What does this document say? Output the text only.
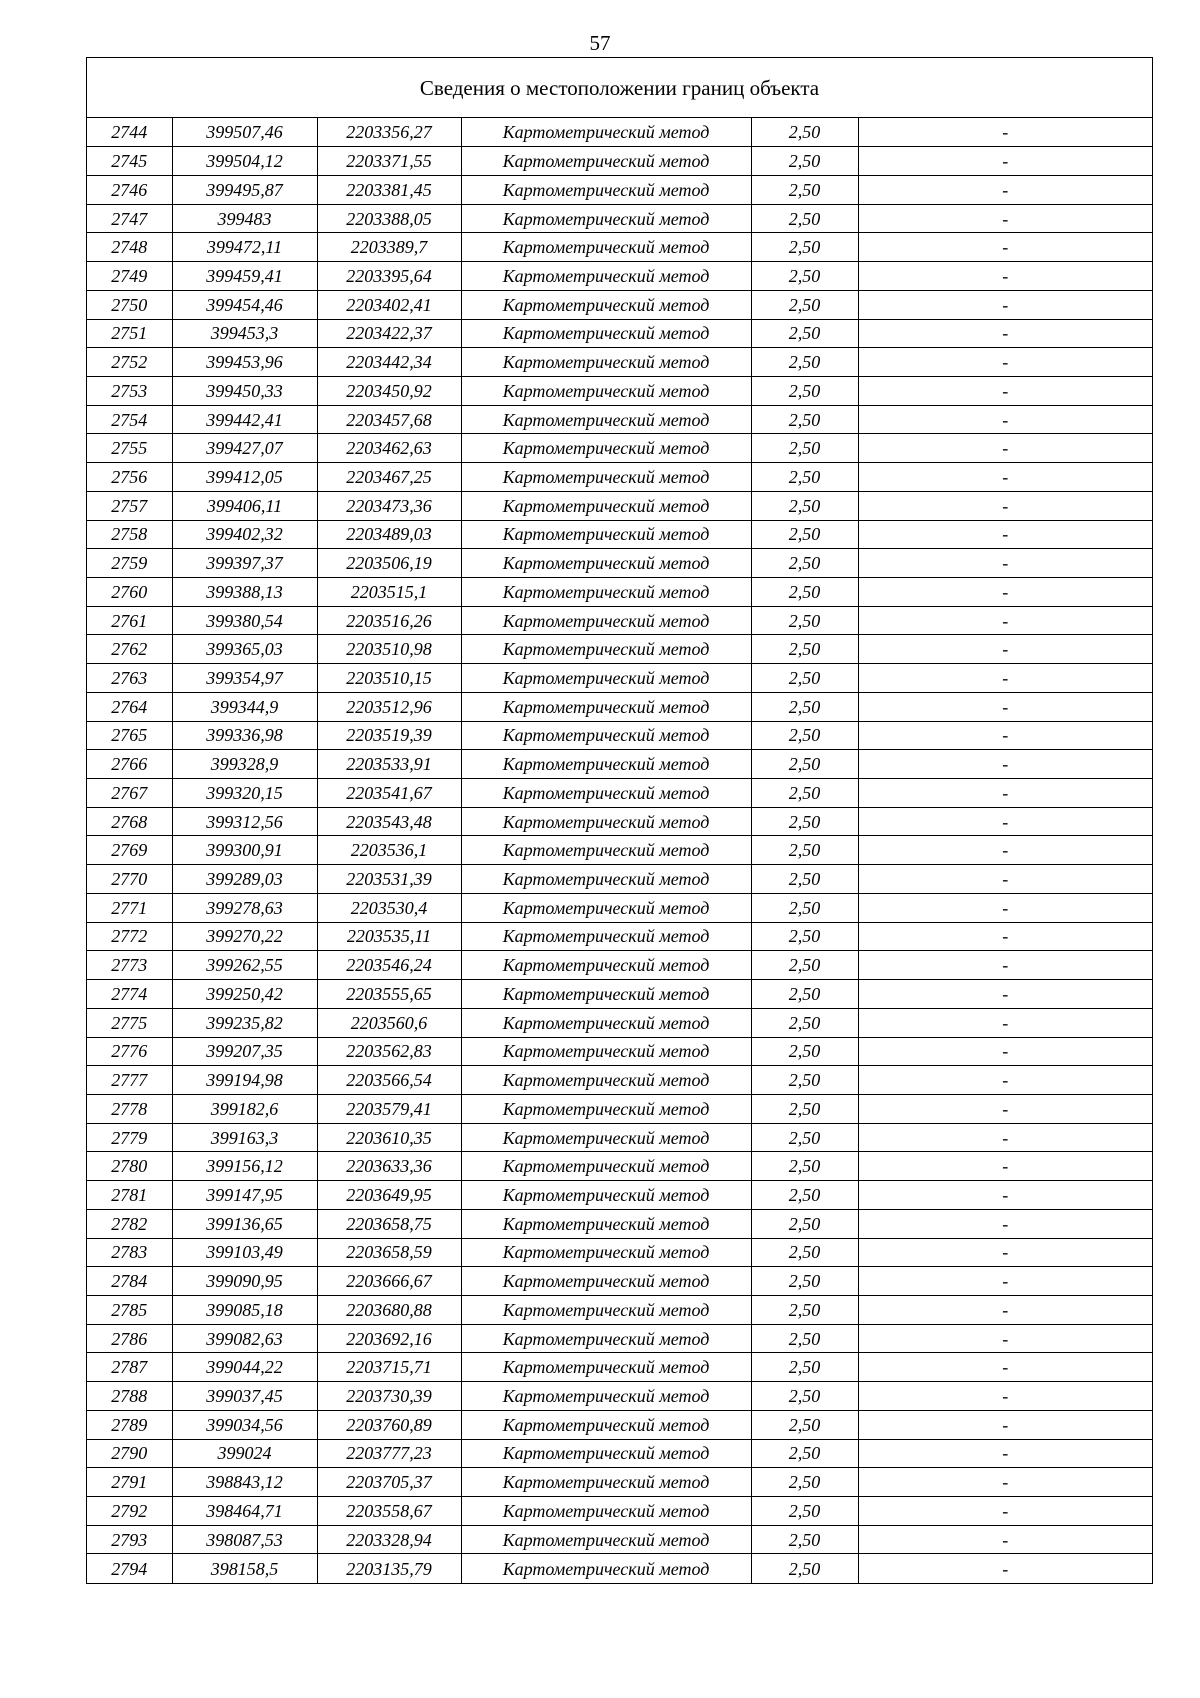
57
Сведения о местоположении границ объекта
2744	399507,46	2203356,27	Картометрический метод	2,50	-
2745	399504,12	2203371,55	Картометрический метод	2,50	-
2746	399495,87	2203381,45	Картометрический метод	2,50	-
2747	399483	2203388,05	Картометрический метод	2,50	-
2748	399472,11	2203389,7	Картометрический метод	2,50	-
2749	399459,41	2203395,64	Картометрический метод	2,50	-
2750	399454,46	2203402,41	Картометрический метод	2,50	-
2751	399453,3	2203422,37	Картометрический метод	2,50	-
2752	399453,96	2203442,34	Картометрический метод	2,50	-
2753	399450,33	2203450,92	Картометрический метод	2,50	-
2754	399442,41	2203457,68	Картометрический метод	2,50	-
2755	399427,07	2203462,63	Картометрический метод	2,50	-
2756	399412,05	2203467,25	Картометрический метод	2,50	-
2757	399406,11	2203473,36	Картометрический метод	2,50	-
2758	399402,32	2203489,03	Картометрический метод	2,50	-
2759	399397,37	2203506,19	Картометрический метод	2,50	-
2760	399388,13	2203515,1	Картометрический метод	2,50	-
2761	399380,54	2203516,26	Картометрический метод	2,50	-
2762	399365,03	2203510,98	Картометрический метод	2,50	-
2763	399354,97	2203510,15	Картометрический метод	2,50	-
2764	399344,9	2203512,96	Картометрический метод	2,50	-
2765	399336,98	2203519,39	Картометрический метод	2,50	-
2766	399328,9	2203533,91	Картометрический метод	2,50	-
2767	399320,15	2203541,67	Картометрический метод	2,50	-
2768	399312,56	2203543,48	Картометрический метод	2,50	-
2769	399300,91	2203536,1	Картометрический метод	2,50	-
2770	399289,03	2203531,39	Картометрический метод	2,50	-
2771	399278,63	2203530,4	Картометрический метод	2,50	-
2772	399270,22	2203535,11	Картометрический метод	2,50	-
2773	399262,55	2203546,24	Картометрический метод	2,50	-
2774	399250,42	2203555,65	Картометрический метод	2,50	-
2775	399235,82	2203560,6	Картометрический метод	2,50	-
2776	399207,35	2203562,83	Картометрический метод	2,50	-
2777	399194,98	2203566,54	Картометрический метод	2,50	-
2778	399182,6	2203579,41	Картометрический метод	2,50	-
2779	399163,3	2203610,35	Картометрический метод	2,50	-
2780	399156,12	2203633,36	Картометрический метод	2,50	-
2781	399147,95	2203649,95	Картометрический метод	2,50	-
2782	399136,65	2203658,75	Картометрический метод	2,50	-
2783	399103,49	2203658,59	Картометрический метод	2,50	-
2784	399090,95	2203666,67	Картометрический метод	2,50	-
2785	399085,18	2203680,88	Картометрический метод	2,50	-
2786	399082,63	2203692,16	Картометрический метод	2,50	-
2787	399044,22	2203715,71	Картометрический метод	2,50	-
2788	399037,45	2203730,39	Картометрический метод	2,50	-
2789	399034,56	2203760,89	Картометрический метод	2,50	-
2790	399024	2203777,23	Картометрический метод	2,50	-
2791	398843,12	2203705,37	Картометрический метод	2,50	-
2792	398464,71	2203558,67	Картометрический метод	2,50	-
2793	398087,53	2203328,94	Картометрический метод	2,50	-
2794	398158,5	2203135,79	Картометрический метод	2,50	-
